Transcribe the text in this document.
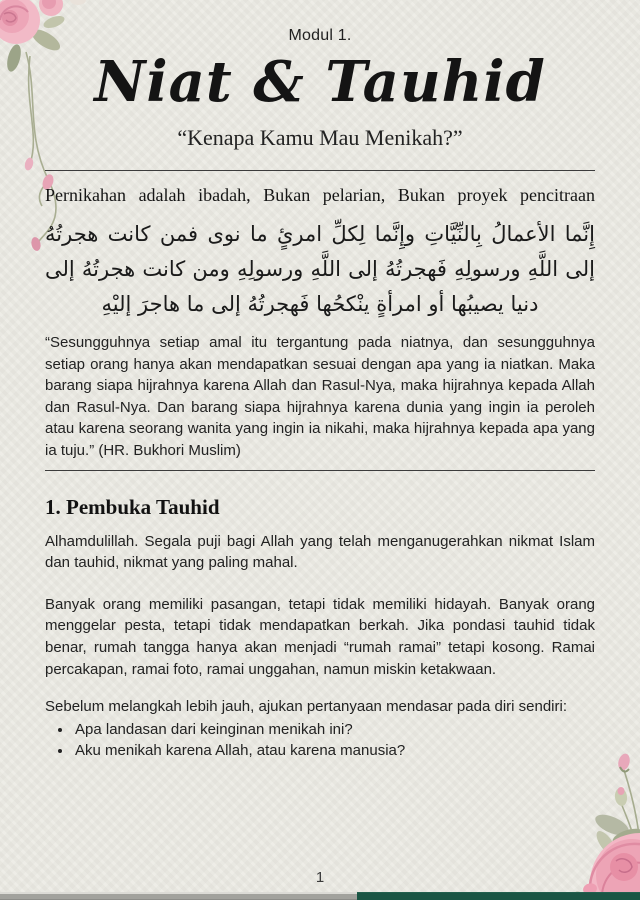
Modul 1.
Niat & Tauhid
“Kenapa Kamu Mau Menikah?”
Pernikahan adalah ibadah, Bukan pelarian, Bukan proyek pencitraan
إِنَّما الأعمالُ بِالنِّيَّاتِ وإِنَّما لِكلِّ امرئٍ ما نوى فمن كانت هجرتُهُ إلى اللَّهِ ورسولِهِ فَهجرتُهُ إلى اللَّهِ ورسولِهِ ومن كانت هجرتُهُ إلى دنيا يصيبُها أو امرأةٍ ينْكحُها فَهجرتُهُ إلى ما هاجرَ إليْهِ

“Sesungguhnya setiap amal itu tergantung pada niatnya, dan sesungguhnya setiap orang hanya akan mendapatkan sesuai dengan apa yang ia niatkan. Maka barang siapa hijrahnya karena Allah dan Rasul-Nya, maka hijrahnya kepada Allah dan Rasul-Nya. Dan barang siapa hijrahnya karena dunia yang ingin ia peroleh atau karena seorang wanita yang ingin ia nikahi, maka hijrahnya kepada apa yang ia tuju.” (HR. Bukhori Muslim)

1. Pembuka Tauhid

Alhamdulillah. Segala puji bagi Allah yang telah menganugerahkan nikmat Islam dan tauhid, nikmat yang paling mahal.

Banyak orang memiliki pasangan, tetapi tidak memiliki hidayah. Banyak orang menggelar pesta, tetapi tidak mendapatkan berkah. Jika pondasi tauhid tidak benar, rumah tangga hanya akan menjadi “rumah ramai” tetapi kosong. Ramai percakapan, ramai foto, ramai unggahan, namun miskin ketakwaan.

Sebelum melangkah lebih jauh, ajukan pertanyaan mendasar pada diri sendiri:

• Apa landasan dari keinginan menikah ini?
• Aku menikah karena Allah, atau karena manusia?
1
